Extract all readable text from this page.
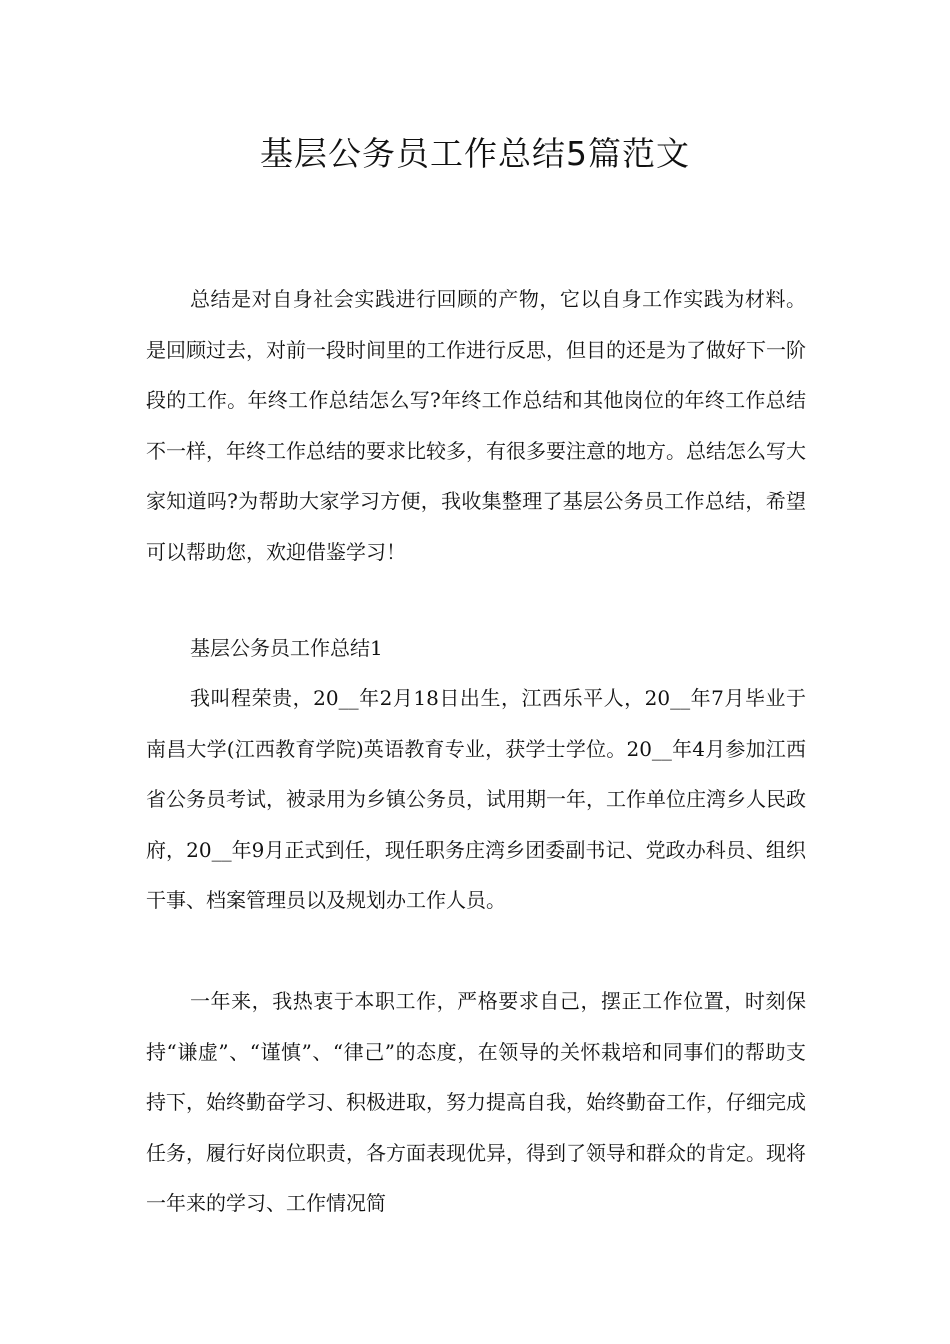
基层公务员工作总结5篇范文

总结是对自身社会实践进行回顾的产物，它以自身工作实践为材料。是回顾过去，对前一段时间里的工作进行反思，但目的还是为了做好下一阶段的工作。年终工作总结怎么写?年终工作总结和其他岗位的年终工作总结不一样，年终工作总结的要求比较多，有很多要注意的地方。总结怎么写大家知道吗?为帮助大家学习方便，我收集整理了基层公务员工作总结，希望可以帮助您，欢迎借鉴学习！

基层公务员工作总结1

我叫程荣贵，20__年2月18日出生，江西乐平人，20__年7月毕业于南昌大学(江西教育学院)英语教育专业，获学士学位。20__年4月参加江西省公务员考试，被录用为乡镇公务员，试用期一年，工作单位庄湾乡人民政府，20__年9月正式到任，现任职务庄湾乡团委副书记、党政办科员、组织干事、档案管理员以及规划办工作人员。

一年来，我热衷于本职工作，严格要求自己，摆正工作位置，时刻保持“谦虚”、“谨慎”、“律己”的态度，在领导的关怀栽培和同事们的帮助支持下，始终勤奋学习、积极进取，努力提高自我，始终勤奋工作，仔细完成任务，履行好岗位职责，各方面表现优异，得到了领导和群众的肯定。现将一年来的学习、工作情况简
